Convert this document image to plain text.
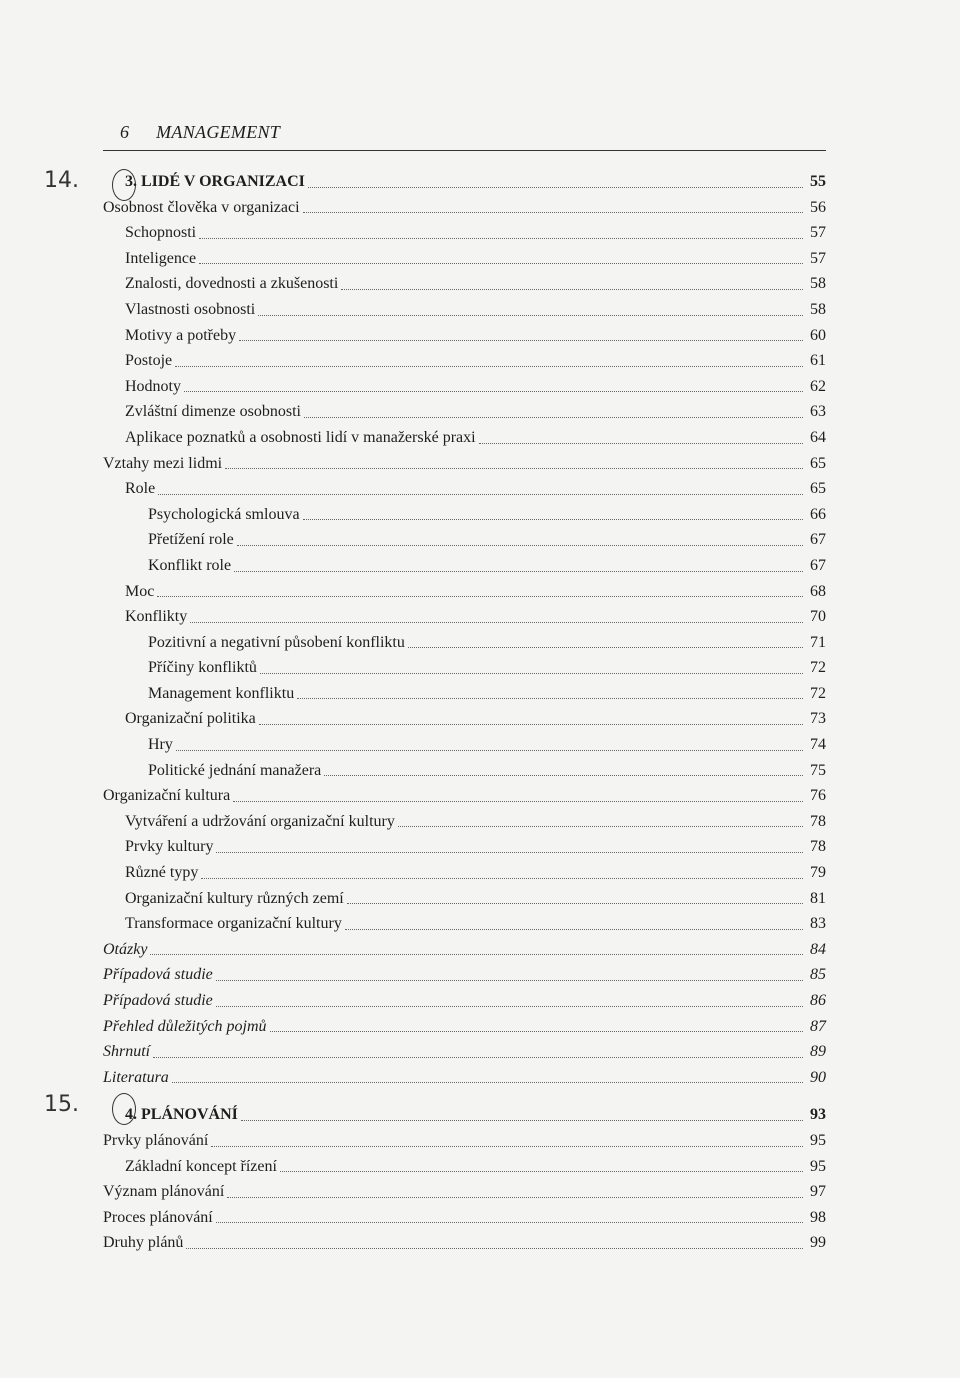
6 MANAGEMENT
14.
15.
3. LIDÉ V ORGANIZACI	55
Osobnost člověka v organizaci	56
Schopnosti	57
Inteligence	57
Znalosti, dovednosti a zkušenosti	58
Vlastnosti osobnosti	58
Motivy a potřeby	60
Postoje	61
Hodnoty	62
Zvláštní dimenze osobnosti	63
Aplikace poznatků a osobnosti lidí v manažerské praxi	64
Vztahy mezi lidmi	65
Role	65
Psychologická smlouva	66
Přetížení role	67
Konflikt role	67
Moc	68
Konflikty	70
Pozitivní a negativní působení konfliktu	71
Příčiny konfliktů	72
Management konfliktu	72
Organizační politika	73
Hry	74
Politické jednání manažera	75
Organizační kultura	76
Vytváření a udržování organizační kultury	78
Prvky kultury	78
Různé typy	79
Organizační kultury různých zemí	81
Transformace organizační kultury	83
Otázky	84
Případová studie	85
Případová studie	86
Přehled důležitých pojmů	87
Shrnutí	89
Literatura	90
4. PLÁNOVÁNÍ	93
Prvky plánování	95
Základní koncept řízení	95
Význam plánování	97
Proces plánování	98
Druhy plánů	99
